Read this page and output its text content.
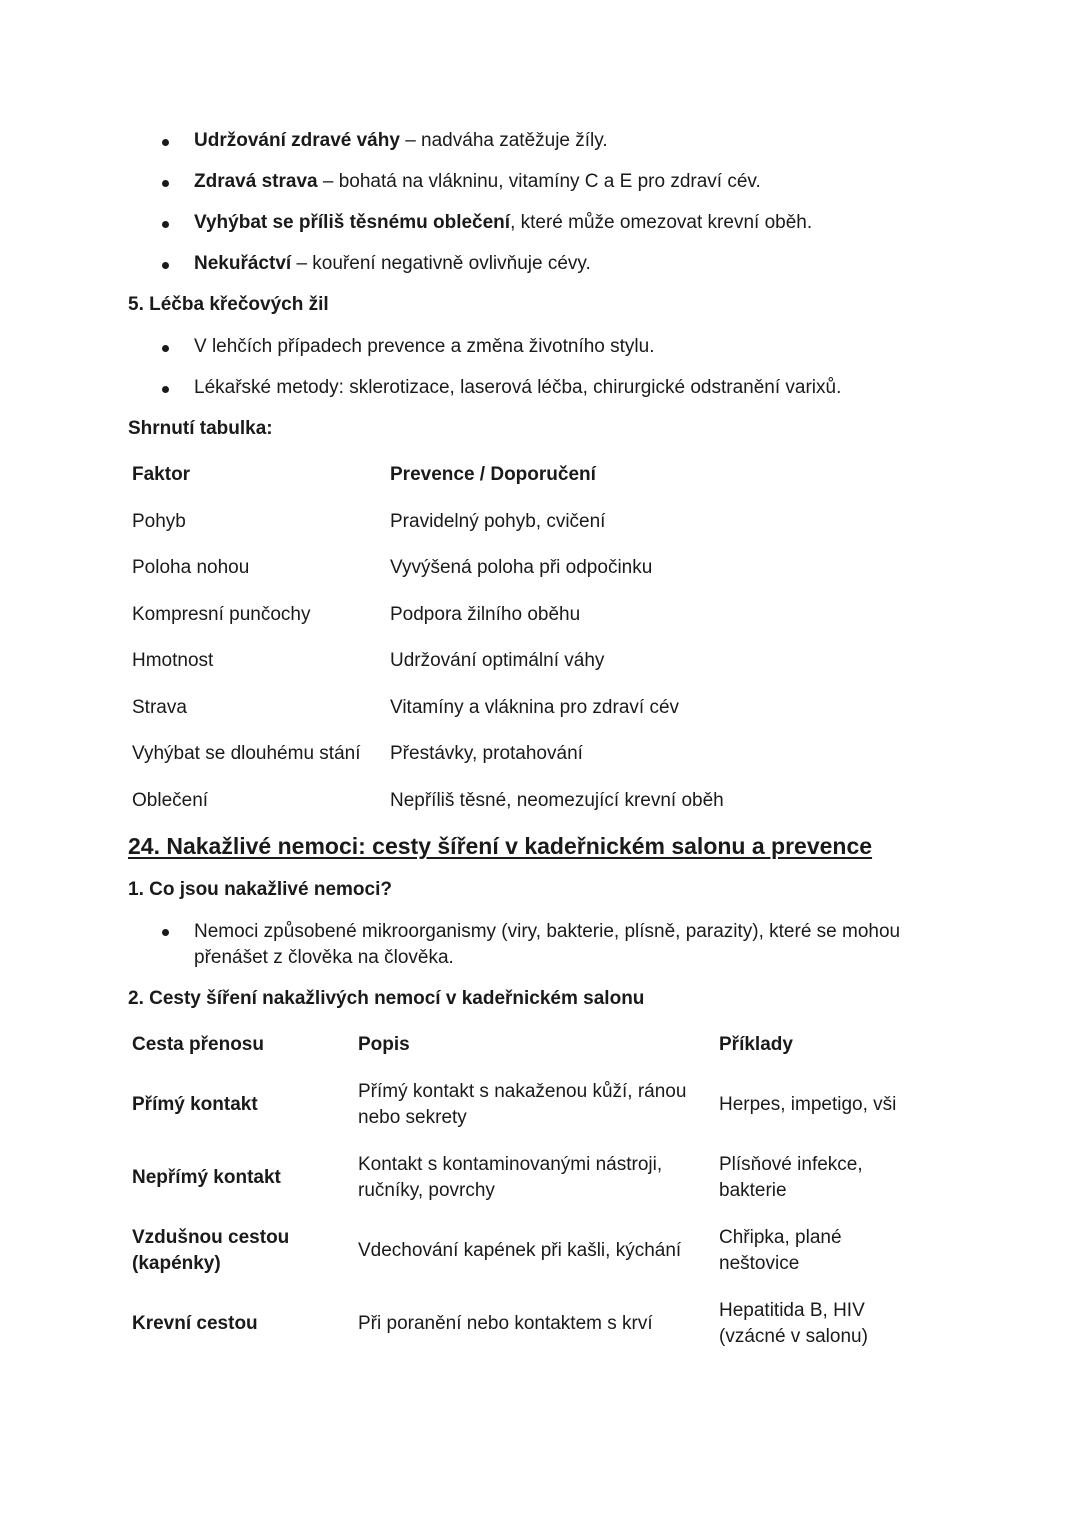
Udržování zdravé váhy – nadváha zatěžuje žíly.
Zdravá strava – bohatá na vlákninu, vitamíny C a E pro zdraví cév.
Vyhýbat se příliš těsnému oblečení, které může omezovat krevní oběh.
Nekuřáctví – kouření negativně ovlivňuje cévy.
5. Léčba křečových žil
V lehčích případech prevence a změna životního stylu.
Lékařské metody: sklerotizace, laserová léčba, chirurgické odstranění varixů.
Shrnutí tabulka:
Faktor	Prevence / Doporučení
Pohyb	Pravidelný pohyb, cvičení
Poloha nohou	Vyvýšená poloha při odpočinku
Kompresní punčochy	Podpora žilního oběhu
Hmotnost	Udržování optimální váhy
Strava	Vitamíny a vláknina pro zdraví cév
Vyhýbat se dlouhému stání	Přestávky, protahování
Oblečení	Nepříliš těsné, neomezující krevní oběh
24. Nakažlivé nemoci: cesty šíření v kadeřnickém salonu a prevence
1. Co jsou nakažlivé nemoci?
Nemoci způsobené mikroorganismy (viry, bakterie, plísně, parazity), které se mohou přenášet z člověka na člověka.
2. Cesty šíření nakažlivých nemocí v kadeřnickém salonu
Cesta přenosu	Popis	Příklady
Přímý kontakt	Přímý kontakt s nakaženou kůží, ránou nebo sekrety	Herpes, impetigo, vši
Nepřímý kontakt	Kontakt s kontaminovanými nástroji, ručníky, povrchy	Plísňové infekce, bakterie
Vzdušnou cestou (kapénky)	Vdechování kapének při kašli, kýchání	Chřipka, plané neštovice
Krevní cestou	Při poranění nebo kontaktem s krví	Hepatitida B, HIV (vzácné v salonu)
